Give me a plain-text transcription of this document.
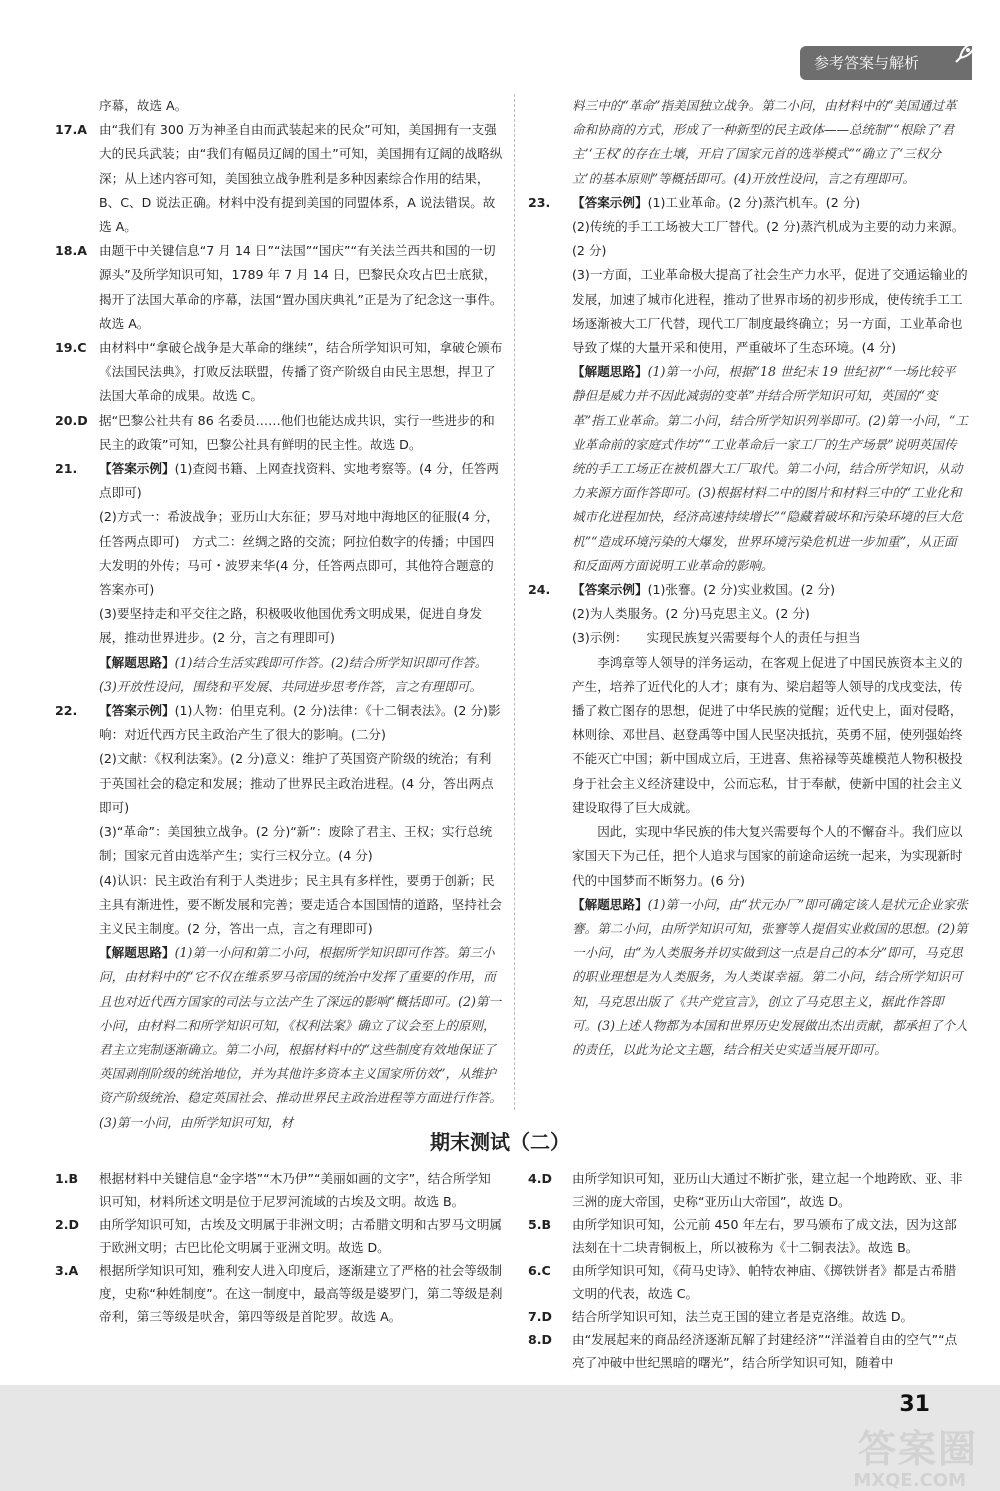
参考答案与解析

序幕，故选 A。

17.A 由“我们有 300 万为神圣自由而武装起来的民众”可知，美国拥有一支强大的民兵武装；由“我们有幅员辽阔的国土”可知，美国拥有辽阔的战略纵深；从上述内容可知，美国独立战争胜利是多种因素综合作用的结果，B、C、D 说法正确。材料中没有提到美国的同盟体系，A 说法错误。故选 A。

18.A 由题干中关键信息“7 月 14 日”“法国”“国庆”“有关法兰西共和国的一切源头”及所学知识可知，1789 年 7 月 14 日，巴黎民众攻占巴士底狱，揭开了法国大革命的序幕，法国“置办国庆典礼”正是为了纪念这一事件。故选 A。

19.C 由材料中“拿破仑战争是大革命的继续”，结合所学知识可知，拿破仑颁布《法国民法典》，打败反法联盟，传播了资产阶级自由民主思想，捍卫了法国大革命的成果。故选 C。

20.D 据“巴黎公社共有 86 名委员……他们也能达成共识，实行一些进步的和民主的政策”可知，巴黎公社具有鲜明的民主性。故选 D。

21. 【答案示例】(1)查阅书籍、上网查找资料、实地考察等。(4 分，任答两点即可)

(2)方式一：希波战争；亚历山大东征；罗马对地中海地区的征服(4 分，任答两点即可)　方式二：丝绸之路的交流；阿拉伯数字的传播；中国四大发明的外传；马可・波罗来华(4 分，任答两点即可，其他符合题意的答案亦可)

(3)要坚持走和平交往之路，积极吸收他国优秀文明成果，促进自身发展，推动世界进步。(2 分，言之有理即可)

【解题思路】(1)结合生活实践即可作答。(2)结合所学知识即可作答。(3)开放性设问，围绕和平发展、共同进步思考作答，言之有理即可。

22. 【答案示例】(1)人物：伯里克利。(2 分)法律：《十二铜表法》。(2 分)影响：对近代西方民主政治产生了很大的影响。(二分)

(2)文献：《权利法案》。(2 分)意义：维护了英国资产阶级的统治；有利于英国社会的稳定和发展；推动了世界民主政治进程。(4 分，答出两点即可)

(3)“革命”：美国独立战争。(2 分)“新”：废除了君主、王权；实行总统制；国家元首由选举产生；实行三权分立。(4 分)

(4)认识：民主政治有利于人类进步；民主具有多样性，要勇于创新；民主具有渐进性，要不断发展和完善；要走适合本国国情的道路，坚持社会主义民主制度。(2 分，答出一点，言之有理即可)

【解题思路】(1)第一小问和第二小问，根据所学知识即可作答。第三小问，由材料中的“它不仅在维系罗马帝国的统治中发挥了重要的作用，而且也对近代西方国家的司法与立法产生了深远的影响”概括即可。(2)第一小问，由材料二和所学知识可知，《权利法案》确立了议会至上的原则，君主立宪制逐渐确立。第二小问，根据材料中的“这些制度有效地保证了英国剥削阶级的统治地位，并为其他许多资本主义国家所仿效”，从维护资产阶级统治、稳定英国社会、推动世界民主政治进程等方面进行作答。(3)第一小问，由所学知识可知，材

料三中的“革命”指美国独立战争。第二小问，由材料中的“美国通过革命和协商的方式，形成了一种新型的民主政体——总统制”“根除了‘君主’‘王权’的存在土壤，开启了国家元首的选举模式”“确立了‘三权分立’的基本原则”等概括即可。(4)开放性设问，言之有理即可。

23. 【答案示例】(1)工业革命。(2 分)蒸汽机车。(2 分)

(2)传统的手工工场被大工厂替代。(2 分)蒸汽机成为主要的动力来源。(2 分)

(3)一方面，工业革命极大提高了社会生产力水平，促进了交通运输业的发展，加速了城市化进程，推动了世界市场的初步形成，使传统手工工场逐渐被大工厂代替，现代工厂制度最终确立；另一方面，工业革命也导致了煤的大量开采和使用，严重破坏了生态环境。(4 分)

【解题思路】(1)第一小问，根据“18 世纪末 19 世纪初”“一场比较平静但是威力并不因此减弱的变革”并结合所学知识可知，英国的“变革”指工业革命。第二小问，结合所学知识列举即可。(2)第一小问，“工业革命前的家庭式作坊”“工业革命后一家工厂的生产场景”说明英国传统的手工工场正在被机器大工厂取代。第二小问，结合所学知识，从动力来源方面作答即可。(3)根据材料二中的图片和材料三中的“工业化和城市化进程加快，经济高速持续增长”“隐藏着破坏和污染环境的巨大危机”“造成环境污染的大爆发，世界环境污染危机进一步加重”，从正面和反面两方面说明工业革命的影响。

24. 【答案示例】(1)张謇。(2 分)实业救国。(2 分)

(2)为人类服务。(2 分)马克思主义。(2 分)

(3)示例：　　实现民族复兴需要每个人的责任与担当

李鸿章等人领导的洋务运动，在客观上促进了中国民族资本主义的产生，培养了近代化的人才；康有为、梁启超等人领导的戊戌变法，传播了救亡图存的思想，促进了中华民族的觉醒；近代史上，面对侵略，林则徐、邓世昌、赵登禹等中国人民坚决抵抗，英勇不屈，使列强始终不能灭亡中国；新中国成立后，王进喜、焦裕禄等英雄模范人物积极投身于社会主义经济建设中，公而忘私，甘于奉献，使新中国的社会主义建设取得了巨大成就。

因此，实现中华民族的伟大复兴需要每个人的不懈奋斗。我们应以家国天下为己任，把个人追求与国家的前途命运统一起来，为实现新时代的中国梦而不断努力。(6 分)

【解题思路】(1)第一小问，由“状元办厂”即可确定该人是状元企业家张謇。第二小问，由所学知识可知，张謇等人提倡实业救国的思想。(2)第一小问，由“为人类服务并切实做到这一点是自己的本分”即可，马克思的职业理想是为人类服务，为人类谋幸福。第二小问，结合所学知识可知，马克思出版了《共产党宣言》，创立了马克思主义，据此作答即可。(3)上述人物都为本国和世界历史发展做出杰出贡献，都承担了个人的责任，以此为论文主题，结合相关史实适当展开即可。

期末测试（二）
1.B 根据材料中关键信息“金字塔”“木乃伊”“美丽如画的文字”，结合所学知识可知，材料所述文明是位于尼罗河流域的古埃及文明。故选 B。

2.D 由所学知识可知，古埃及文明属于非洲文明；古希腊文明和古罗马文明属于欧洲文明；古巴比伦文明属于亚洲文明。故选 D。

3.A 根据所学知识可知，雅利安人进入印度后，逐渐建立了严格的社会等级制度，史称“种姓制度”。在这一制度中，最高等级是婆罗门，第二等级是刹帝利，第三等级是吠舍，第四等级是首陀罗。故选 A。

4.D 由所学知识可知，亚历山大通过不断扩张，建立起一个地跨欧、亚、非三洲的庞大帝国，史称“亚历山大帝国”，故选 D。

5.B 由所学知识可知，公元前 450 年左右，罗马颁布了成文法，因为这部法刻在十二块青铜板上，所以被称为《十二铜表法》。故选 B。

6.C 由所学知识可知，《荷马史诗》、帕特农神庙、《掷铁饼者》都是古希腊文明的代表，故选 C。

7.D 结合所学知识可知，法兰克王国的建立者是克洛维。故选 D。

8.D 由“发展起来的商品经济逐渐瓦解了封建经济”“洋溢着自由的空气”“点亮了冲破中世纪黑暗的曙光”，结合所学知识可知，随着中

31
答案圈
MXQE.COM
